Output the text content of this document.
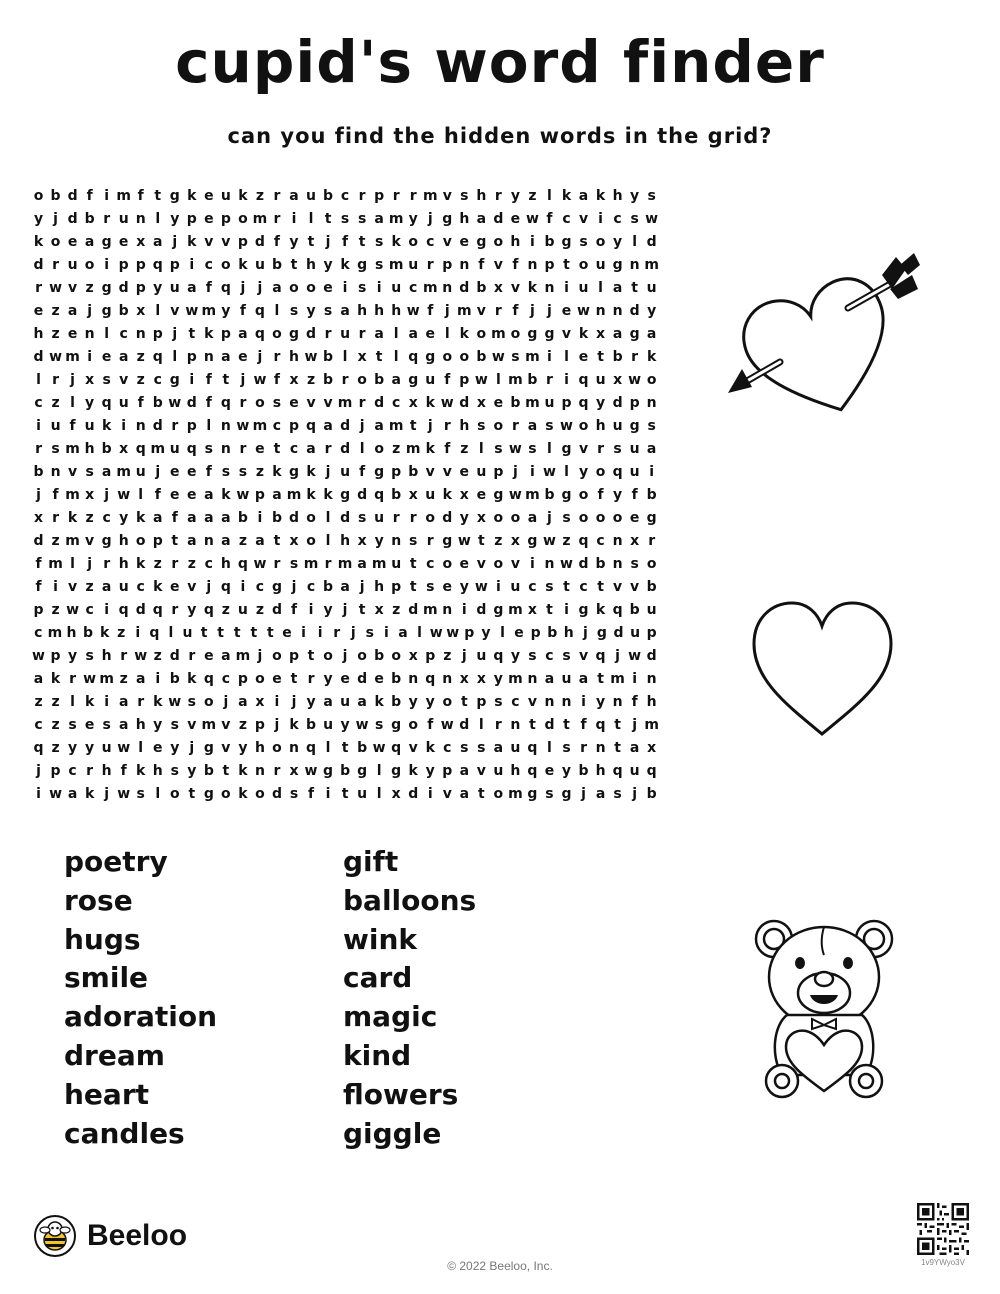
cupid's word finder
can you find the hidden words in the grid?
o b d f i m f t g k e u k z r a u b c r p r r m v s h r y z l k a k h y s
y j d b r u n l y p e p o m r i l t s s a m y j g h a d e w f c v i c s w
k o e a g e x a j k v v p d f y t j f t s k o c v e g o h i b g s o y l d
d r u o i p p q p i c o k u b t h y k g s m u r p n f v f n p t o u g n m
r w v z g d p y u a f q j j a o o e i s i u c m n d b x v k n i u l a t u
e z a j g b x l v w m y f q l s y s a h h h w f j m v r f j j e w n n d y
h z e n l c n p j t k p a q o g d r u r a l a e l k o m o g g v k x a g a
d w m i e a z q l p n a e j r h w b l x t l q g o o b w s m i l e t b r k
l r j x s v z c g i f t j w f x z b r o b a g u f p w l m b r i q u x w o
c z l y q u f b w d f q r o s e v v m r d c x k w d x e b m u p q y d p n
i u f u k i n d r p l n w m c p q a d j a m t j r h s o r a s w o h u g s
r s m h b x q m u q s n r e t c a r d l o z m k f z l s w s l g v r s u a
b n v s a m u j e e f s s z k g k j u f g p b v v e u p j i w l y o q u i
j f m x j w l f e e a k w p a m k k g d q b x u k x e g w m b g o f y f b
x r k z c y k a f a a a b i b d o l d s u r r o d y x o o a j s o o o e g
d z m v g h o p t a n a z a t x o l h x y n s r g w t z x g w z q c n x r
f m l j r h k z r z c h q w r s m r m a m u t c o e v o v i n w d b n s o
f i v z a u c k e v j q i c g j c b a j h p t s e y w i u c s t c t v v b
p z w c i q d q r y q z u z d f i y j t x z d m n i d g m x t i g k q b u
c m h b k z i q l u t t t t t e i i r j s i a l w w p y l e p b h j g d u p
w p y s h r w z d r e a m j o p t o j o b o x p z j u q y s c s v q j w d
a k r w m z a i b k q c p o e t r y e d e b n q n x x y m n a u a t m i n
z z l k i a r k w s o j a x i j y a u a k b y y o t p s c v n n i y n f h
c z s e s a h y s v m v z p j k b u y w s g o f w d l r n t d t f q t j m
q z y y u w l e y j g v y h o n q l t b w q v k c s s a u q l s r n t a x
j p c r h f k h s y b t k n r x w g b g l g k y p a v u h q e y b h q u q
i w a k j w s l o t g o k o d s f i t u l x d i v a t o m g s g j a s j b
poetry
rose
hugs
smile
adoration
dream
heart
candles
gift
balloons
wink
card
magic
kind
flowers
giggle
Beeloo
© 2022 Beeloo, Inc.	1v9YWyo3V
